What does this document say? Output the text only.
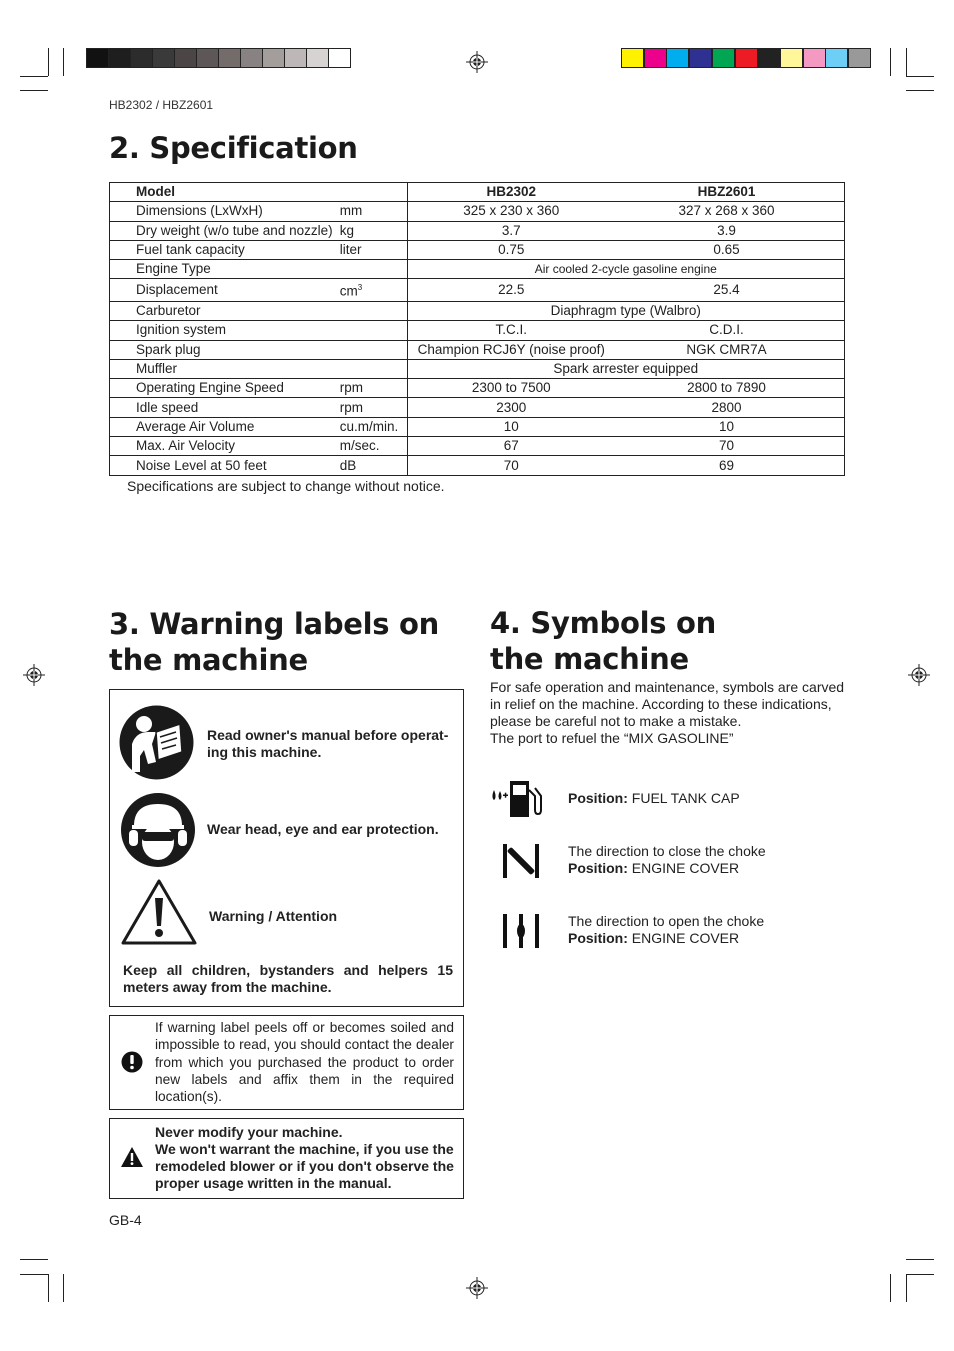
HB2302 / HBZ2601
2. Specification
Model		HB2302	HBZ2601
Dimensions (LxWxH)	mm	325 x 230 x 360	327 x 268 x 360
Dry weight (w/o tube and nozzle)	kg	3.7	3.9
Fuel tank capacity	liter	0.75	0.65
Engine Type		Air cooled 2-cycle gasoline engine	
Displacement	$cm^3$	22.5	25.4
Carburetor		Diaphragm type (Walbro)	
Ignition system		T.C.I.	C.D.I.
Spark plug		Champion RCJ6Y (noise proof)	NGK CMR7A
Muffler		Spark arrester equipped	
Operating Engine Speed	rpm	2300 to 7500	2800 to 7890
Idle speed	rpm	2300	2800
Average Air Volume	cu.m/min.	10	10
Max. Air Velocity	m/sec.	67	70
Noise Level at 50 feet	dB	70	69
Specifications are subject to change without notice.
3. Warning labels on
the machine
Read owner's manual before operat-ing this machine.
Wear head, eye and ear protection.
Warning / Attention
Keep all children, bystanders and helpers 15 meters away from the machine.
If warning label peels off or becomes soiled and impossible to read, you should contact the dealer from which you purchased the product to order new labels and affix them in the required location(s).
Never modify your machine.
We won't warrant the machine, if you use the remodeled blower or if you don't observe the proper usage written in the manual.
4. Symbols on
the machine
For safe operation and maintenance, symbols are carved in relief on the machine. According to these indications, please be careful not to make a mistake.
The port to refuel the “MIX GASOLINE”
Position: FUEL TANK CAP
The direction to close the choke
Position: ENGINE COVER
The direction to open the choke
Position: ENGINE COVER
GB-4
